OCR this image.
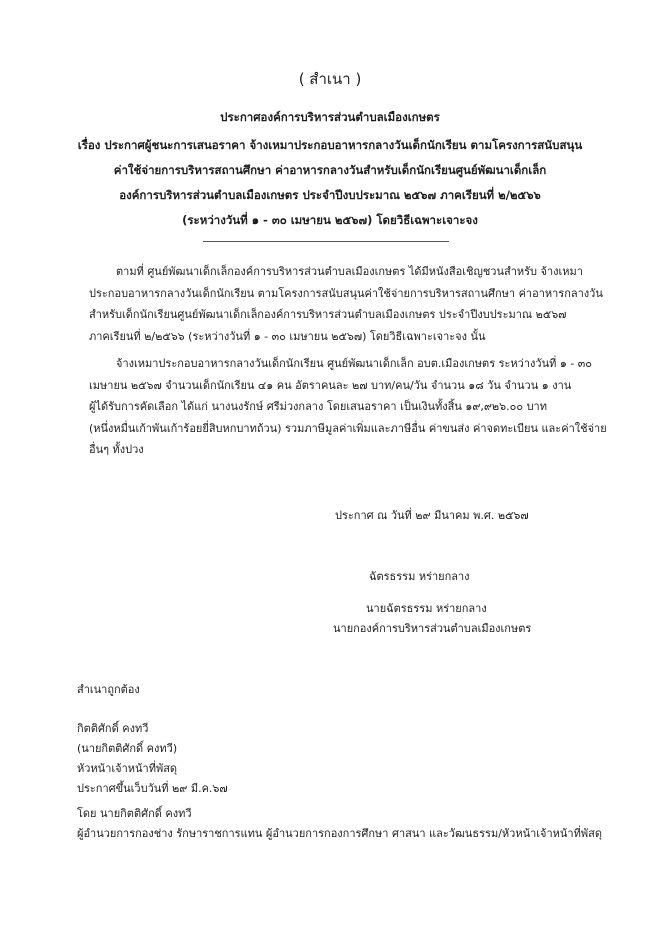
( สำเนา )
ประกาศองค์การบริหารส่วนตำบลเมืองเกษตร
เรื่อง ประกาศผู้ชนะการเสนอราคา จ้างเหมาประกอบอาหารกลางวันเด็กนักเรียน ตามโครงการสนับสนุน
ค่าใช้จ่ายการบริหารสถานศึกษา ค่าอาหารกลางวันสำหรับเด็กนักเรียนศูนย์พัฒนาเด็กเล็ก
องค์การบริหารส่วนตำบลเมืองเกษตร ประจำปีงบประมาณ ๒๕๖๗ ภาคเรียนที่ ๒/๒๕๖๖
(ระหว่างวันที่ ๑ - ๓๐ เมษายน ๒๕๖๗) โดยวิธีเฉพาะเจาะจง
ตามที่ ศูนย์พัฒนาเด็กเล็กองค์การบริหารส่วนตำบลเมืองเกษตร ได้มีหนังสือเชิญชวนสำหรับ จ้างเหมา
ประกอบอาหารกลางวันเด็กนักเรียน ตามโครงการสนับสนุนค่าใช้จ่ายการบริหารสถานศึกษา ค่าอาหารกลางวัน
สำหรับเด็กนักเรียนศูนย์พัฒนาเด็กเล็กองค์การบริหารส่วนตำบลเมืองเกษตร ประจำปีงบประมาณ ๒๕๖๗
ภาคเรียนที่ ๒/๒๕๖๖ (ระหว่างวันที่ ๑ - ๓๐ เมษายน ๒๕๖๗) โดยวิธีเฉพาะเจาะจง นั้น
จ้างเหมาประกอบอาหารกลางวันเด็กนักเรียน ศูนย์พัฒนาเด็กเล็ก อบต.เมืองเกษตร ระหว่างวันที่ ๑ - ๓๐
เมษายน ๒๕๖๗ จำนวนเด็กนักเรียน ๔๑ คน อัตราคนละ ๒๗ บาท/คน/วัน จำนวน ๑๘ วัน จำนวน ๑ งาน
ผู้ได้รับการคัดเลือก ได้แก่ นางนงรักษ์ ศรีม่วงกลาง โดยเสนอราคา เป็นเงินทั้งสิ้น ๑๙,๙๒๖.๐๐ บาท
(หนึ่งหมื่นเก้าพันเก้าร้อยยี่สิบหกบาทถ้วน) รวมภาษีมูลค่าเพิ่มและภาษีอื่น ค่าขนส่ง ค่าจดทะเบียน และค่าใช้จ่าย
อื่นๆ ทั้งปวง
ประกาศ ณ วันที่ ๒๙ มีนาคม พ.ศ. ๒๕๖๗
ฉัตรธรรม หร่ายกลาง
นายฉัตรธรรม หร่ายกลาง
นายกองค์การบริหารส่วนตำบลเมืองเกษตร
สำเนาถูกต้อง
กิตติศักดิ์ คงทวี
(นายกิตติศักดิ์ คงทวี)
หัวหน้าเจ้าหน้าที่พัสดุ
ประกาศขึ้นเว็บวันที่ ๒๙ มี.ค.๖๗
โดย นายกิตติศักดิ์ คงทวี
ผู้อำนวยการกองช่าง รักษาราชการแทน ผู้อำนวยการกองการศึกษา ศาสนา และวัฒนธรรม/หัวหน้าเจ้าหน้าที่พัสดุ
